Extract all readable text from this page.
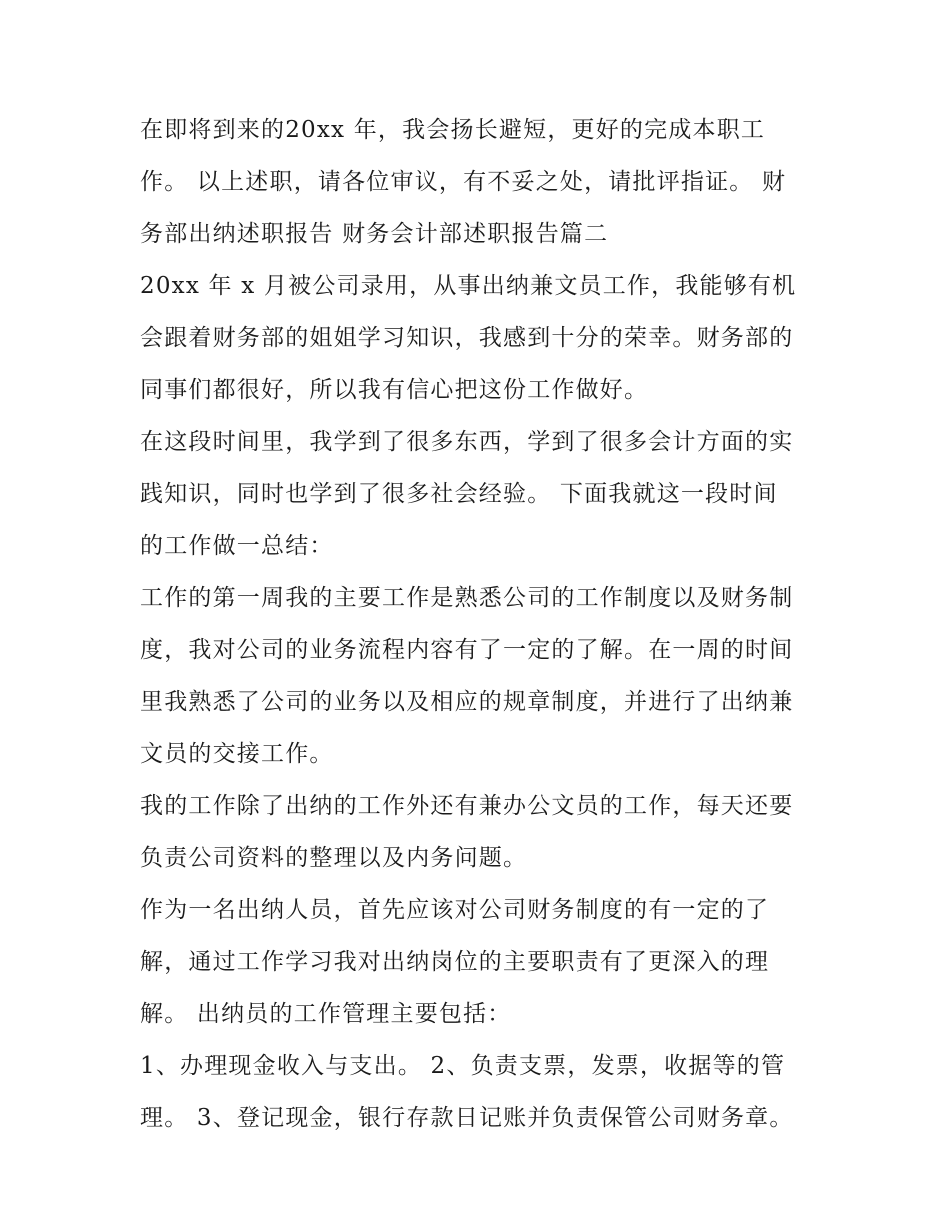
在即将到来的20xx 年，我会扬长避短，更好的完成本职工
作。 以上述职，请各位审议，有不妥之处，请批评指证。 财
务部出纳述职报告 财务会计部述职报告篇二
20xx 年 x 月被公司录用，从事出纳兼文员工作，我能够有机
会跟着财务部的姐姐学习知识，我感到十分的荣幸。财务部的
同事们都很好，所以我有信心把这份工作做好。
在这段时间里，我学到了很多东西，学到了很多会计方面的实
践知识，同时也学到了很多社会经验。 下面我就这一段时间
的工作做一总结：
工作的第一周我的主要工作是熟悉公司的工作制度以及财务制
度，我对公司的业务流程内容有了一定的了解。在一周的时间
里我熟悉了公司的业务以及相应的规章制度，并进行了出纳兼
文员的交接工作。
我的工作除了出纳的工作外还有兼办公文员的工作，每天还要
负责公司资料的整理以及内务问题。
作为一名出纳人员，首先应该对公司财务制度的有一定的了
解，通过工作学习我对出纳岗位的主要职责有了更深入的理
解。 出纳员的工作管理主要包括：
1、办理现金收入与支出。 2、负责支票，发票，收据等的管
理。 3、登记现金，银行存款日记账并负责保管公司财务章。
